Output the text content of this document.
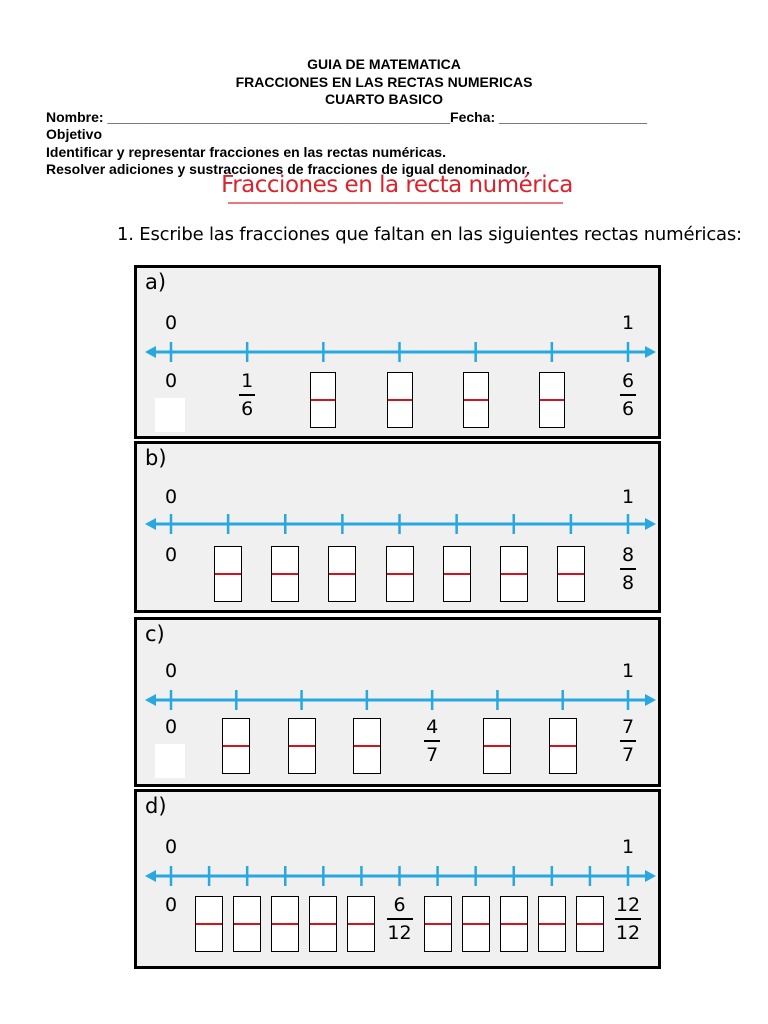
GUIA DE MATEMATICA
FRACCIONES EN LAS RECTAS NUMERICAS
CUARTO BASICO
Nombre: ____________________________________________Fecha: ___________________
Objetivo
Identificar y representar fracciones en las rectas numéricas.
Resolver adiciones y sustracciones de fracciones de igual denominador.
Fracciones en la recta numérica
1. Escribe las fracciones que faltan en las siguientes rectas numéricas:
a)
0	1
0	1
6
6
6
b)
0	1
0	8
8
c)
0	1
0	4
7
7
7
d)
0	1
0	6
12
12
12
